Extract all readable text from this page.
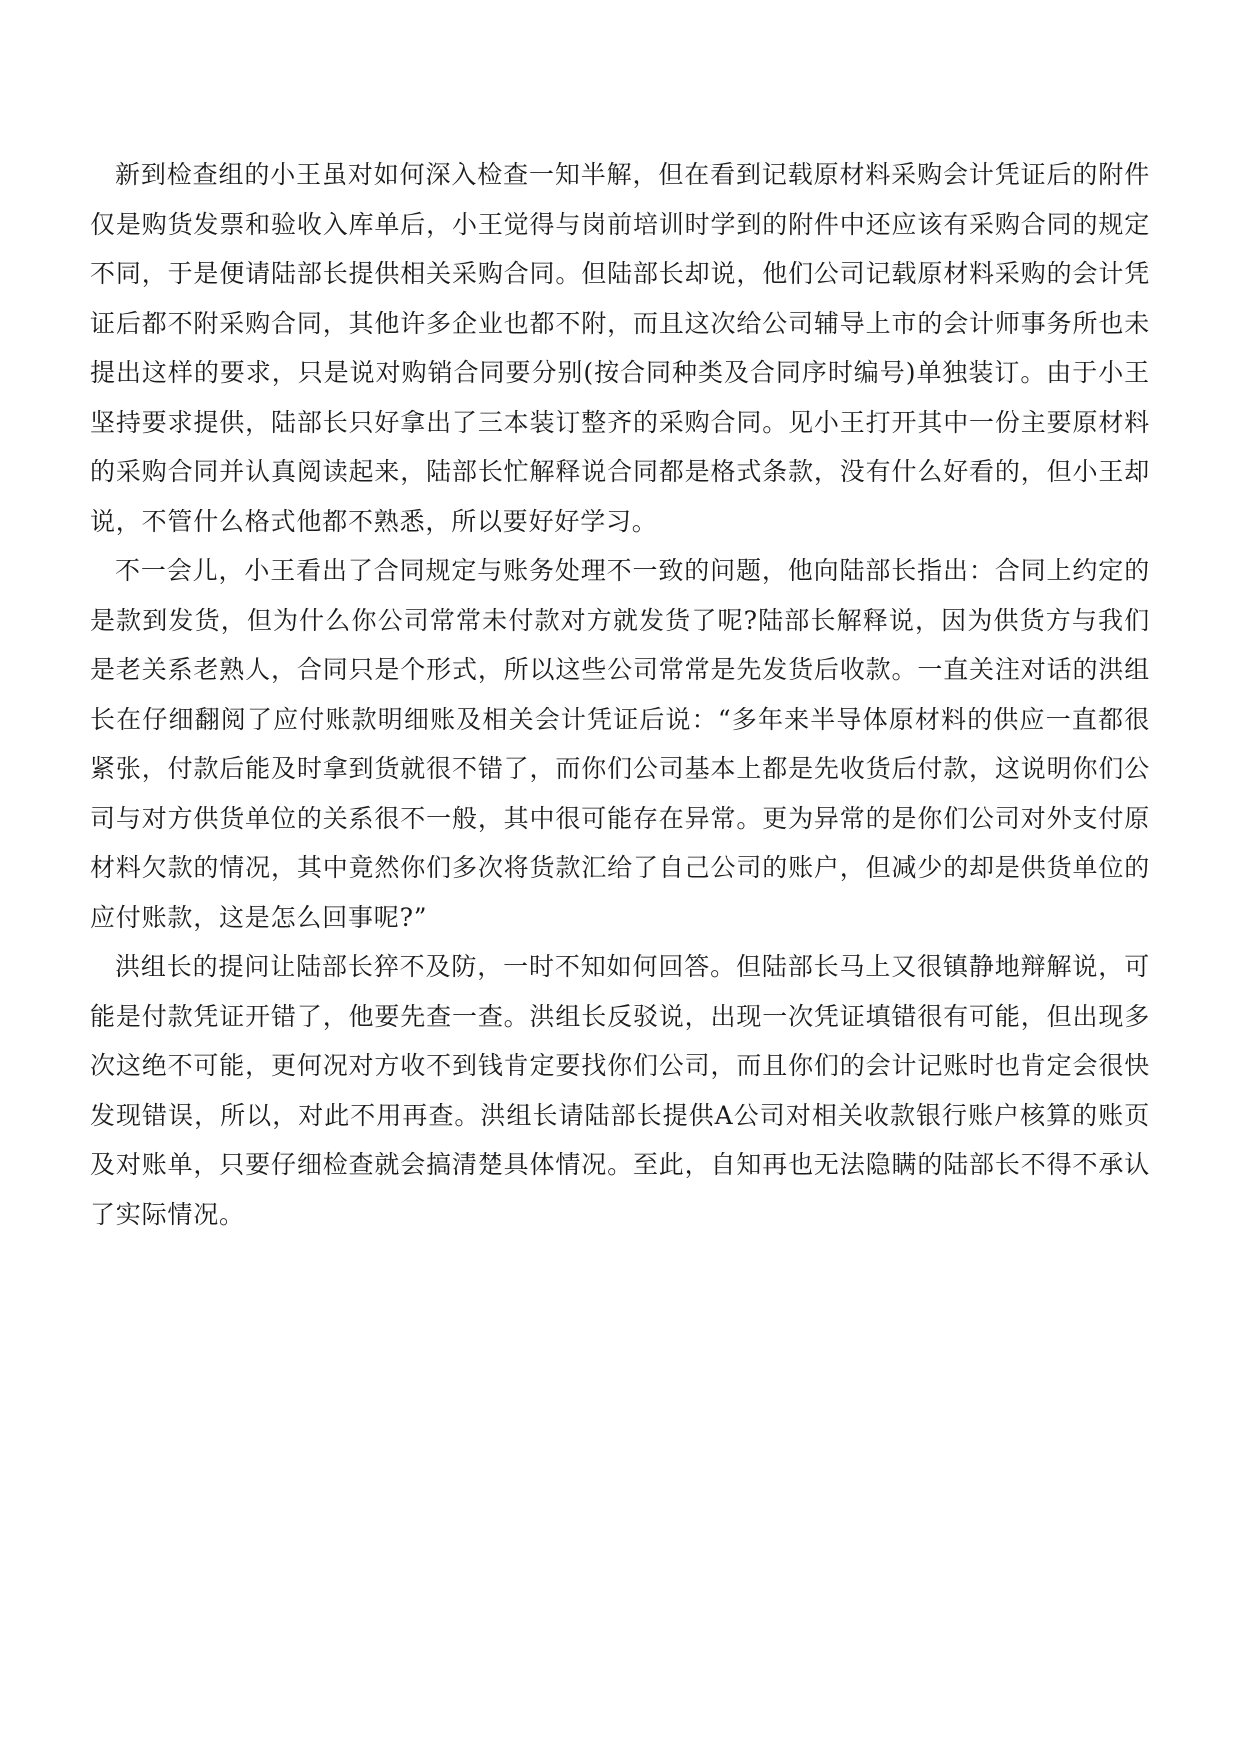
新到检查组的小王虽对如何深入检查一知半解，但在看到记载原材料采购会计凭证后的附件仅是购货发票和验收入库单后，小王觉得与岗前培训时学到的附件中还应该有采购合同的规定不同，于是便请陆部长提供相关采购合同。但陆部长却说，他们公司记载原材料采购的会计凭证后都不附采购合同，其他许多企业也都不附，而且这次给公司辅导上市的会计师事务所也未提出这样的要求，只是说对购销合同要分别(按合同种类及合同序时编号)单独装订。由于小王坚持要求提供，陆部长只好拿出了三本装订整齐的采购合同。见小王打开其中一份主要原材料的采购合同并认真阅读起来，陆部长忙解释说合同都是格式条款，没有什么好看的，但小王却说，不管什么格式他都不熟悉，所以要好好学习。

不一会儿，小王看出了合同规定与账务处理不一致的问题，他向陆部长指出：合同上约定的是款到发货，但为什么你公司常常未付款对方就发货了呢?陆部长解释说，因为供货方与我们是老关系老熟人，合同只是个形式，所以这些公司常常是先发货后收款。一直关注对话的洪组长在仔细翻阅了应付账款明细账及相关会计凭证后说：“多年来半导体原材料的供应一直都很紧张，付款后能及时拿到货就很不错了，而你们公司基本上都是先收货后付款，这说明你们公司与对方供货单位的关系很不一般，其中很可能存在异常。更为异常的是你们公司对外支付原材料欠款的情况，其中竟然你们多次将货款汇给了自己公司的账户，但减少的却是供货单位的应付账款，这是怎么回事呢?”

洪组长的提问让陆部长猝不及防，一时不知如何回答。但陆部长马上又很镇静地辩解说，可能是付款凭证开错了，他要先查一查。洪组长反驳说，出现一次凭证填错很有可能，但出现多次这绝不可能，更何况对方收不到钱肯定要找你们公司，而且你们的会计记账时也肯定会很快发现错误，所以，对此不用再查。洪组长请陆部长提供A公司对相关收款银行账户核算的账页及对账单，只要仔细检查就会搞清楚具体情况。至此，自知再也无法隐瞒的陆部长不得不承认了实际情况。
